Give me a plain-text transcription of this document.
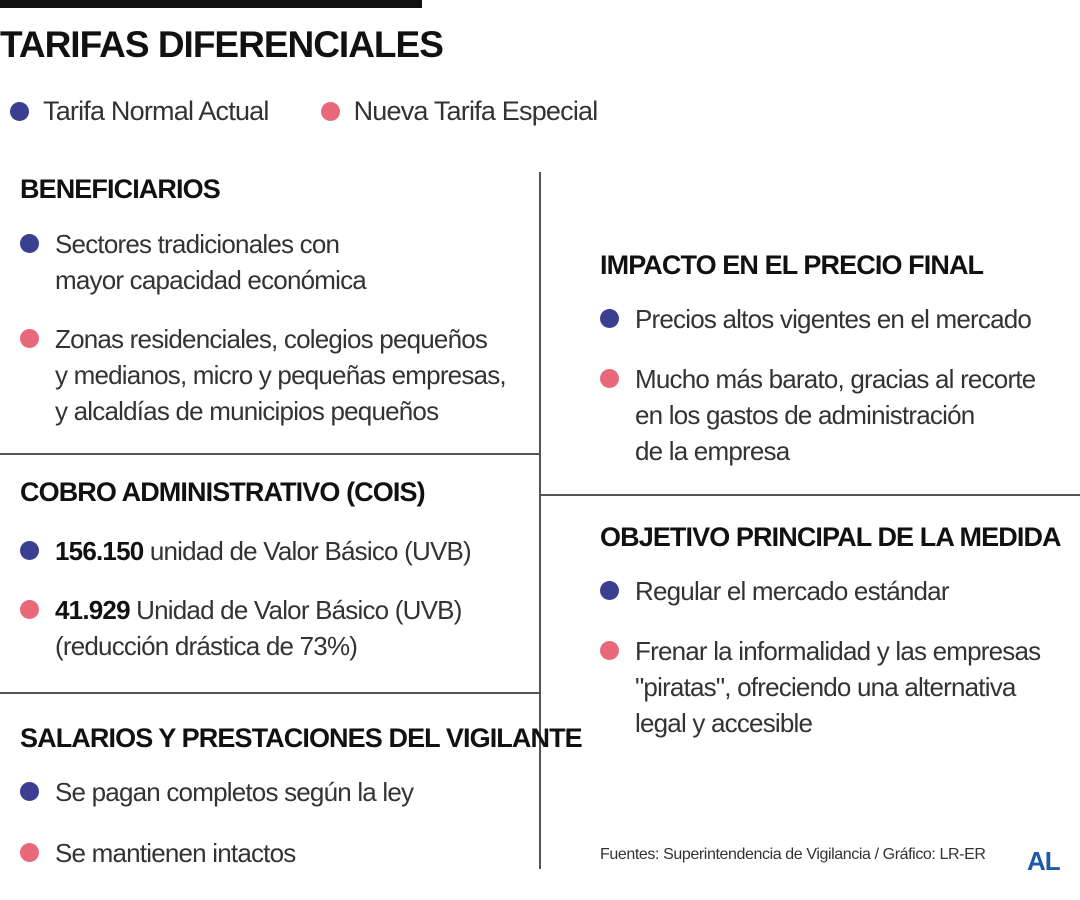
TARIFAS DIFERENCIALES
Tarifa Normal Actual	Nueva Tarifa Especial
BENEFICIARIOS
Sectores tradicionales con
mayor capacidad económica
Zonas residenciales, colegios pequeños
y medianos, micro y pequeñas empresas,
y alcaldías de municipios pequeños
COBRO ADMINISTRATIVO (COIS)
156.150 unidad de Valor Básico (UVB)
41.929 Unidad de Valor Básico (UVB)
(reducción drástica de 73%)
SALARIOS Y PRESTACIONES DEL VIGILANTE
Se pagan completos según la ley
Se mantienen intactos
IMPACTO EN EL PRECIO FINAL
Precios altos vigentes en el mercado
Mucho más barato, gracias al recorte
en los gastos de administración
de la empresa
OBJETIVO PRINCIPAL DE LA MEDIDA
Regular el mercado estándar
Frenar la informalidad y las empresas
"piratas", ofreciendo una alternativa
legal y accesible
Fuentes: Superintendencia de Vigilancia / Gráfico: LR-ER AL
